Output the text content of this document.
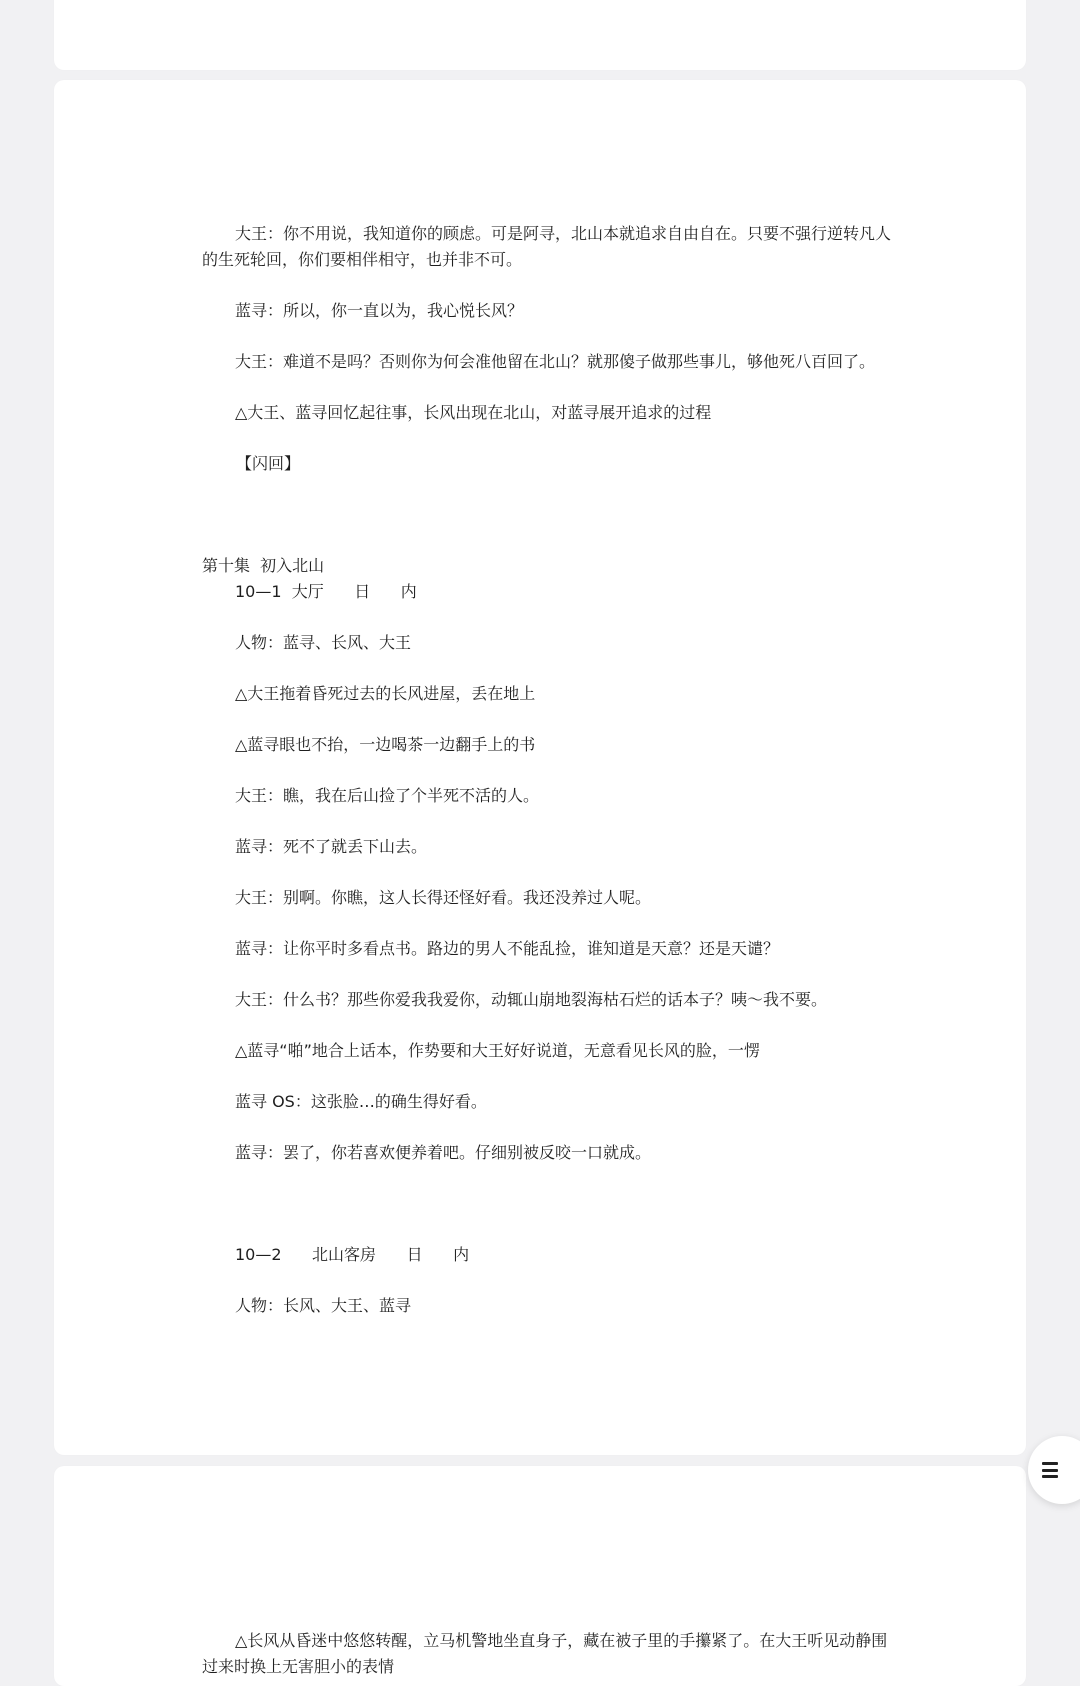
大王：你不用说，我知道你的顾虑。可是阿寻，北山本就追求自由自在。只要不强行逆转凡人的生死轮回，你们要相伴相守，也并非不可。

蓝寻：所以，你一直以为，我心悦长风？

大王：难道不是吗？否则你为何会准他留在北山？就那傻子做那些事儿，够他死八百回了。

△大王、蓝寻回忆起往事，长风出现在北山，对蓝寻展开追求的过程

【闪回】

第十集  初入北山

10—1  大厅      日      内

人物：蓝寻、长风、大王

△大王拖着昏死过去的长风进屋，丢在地上

△蓝寻眼也不抬，一边喝茶一边翻手上的书

大王：瞧，我在后山捡了个半死不活的人。

蓝寻：死不了就丢下山去。

大王：别啊。你瞧，这人长得还怪好看。我还没养过人呢。

蓝寻：让你平时多看点书。路边的男人不能乱捡，谁知道是天意？还是天谴？

大王：什么书？那些你爱我我爱你，动辄山崩地裂海枯石烂的话本子？咦～我不要。

△蓝寻“啪”地合上话本，作势要和大王好好说道，无意看见长风的脸，一愣

蓝寻 OS：这张脸…的确生得好看。

蓝寻：罢了，你若喜欢便养着吧。仔细别被反咬一口就成。

10—2      北山客房      日      内

人物：长风、大王、蓝寻

△长风从昏迷中悠悠转醒，立马机警地坐直身子，藏在被子里的手攥紧了。在大王听见动静围过来时换上无害胆小的表情
